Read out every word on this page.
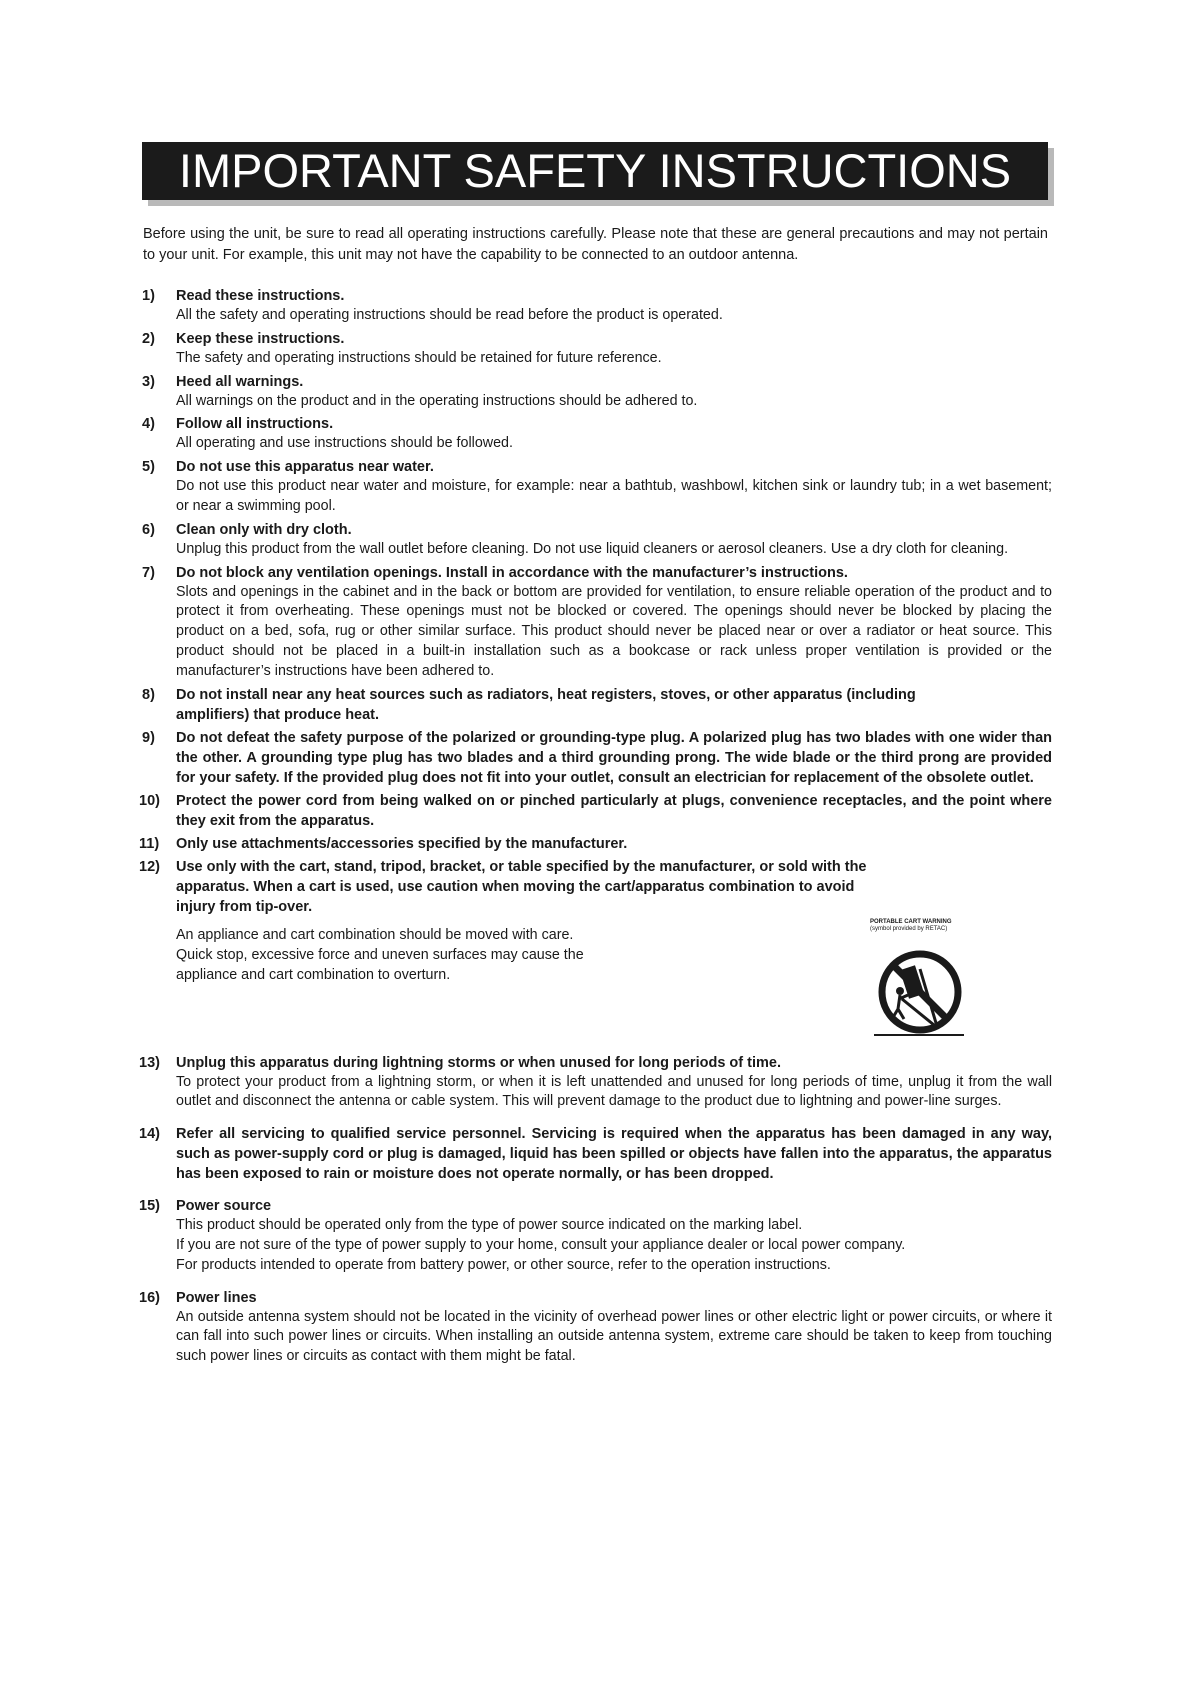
IMPORTANT SAFETY INSTRUCTIONS
Before using the unit, be sure to read all operating instructions carefully. Please note that these are general precautions and may not pertain to your unit. For example, this unit may not have the capability to be connected to an outdoor antenna.
1)	Read these instructions.
All the safety and operating instructions should be read before the product is operated.
2)	Keep these instructions.
The safety and operating instructions should be retained for future reference.
3)	Heed all warnings.
All warnings on the product and in the operating instructions should be adhered to.
4)	Follow all instructions.
All operating and use instructions should be followed.
5)	Do not use this apparatus near water.
Do not use this product near water and moisture, for example: near a bathtub, washbowl, kitchen sink or laundry tub; in a wet basement; or near a swimming pool.
6)	Clean only with dry cloth.
Unplug this product from the wall outlet before cleaning. Do not use liquid cleaners or aerosol cleaners. Use a dry cloth for cleaning.
7)	Do not block any ventilation openings. Install in accordance with the manufacturer’s instructions.
Slots and openings in the cabinet and in the back or bottom are provided for ventilation, to ensure reliable operation of the product and to protect it from overheating. These openings must not be blocked or covered. The openings should never be blocked by placing the product on a bed, sofa, rug or other similar surface. This product should never be placed near or over a radiator or heat source. This product should not be placed in a built-in installation such as a bookcase or rack unless proper ventilation is provided or the manufacturer’s instructions have been adhered to.
8)	Do not install near any heat sources such as radiators, heat registers, stoves, or other apparatus (including amplifiers) that produce heat.
9)	Do not defeat the safety purpose of the polarized or grounding-type plug. A polarized plug has two blades with one wider than the other. A grounding type plug has two blades and a third grounding prong. The wide blade or the third prong are provided for your safety. If the provided plug does not fit into your outlet, consult an electrician for replacement of the obsolete outlet.
10)	Protect the power cord from being walked on or pinched particularly at plugs, convenience receptacles, and the point where they exit from the apparatus.
11)	Only use attachments/accessories specified by the manufacturer.
12)	Use only with the cart, stand, tripod, bracket, or table specified by the manufacturer, or sold with the apparatus. When a cart is used, use caution when moving the cart/apparatus combination to avoid injury from tip-over.
An appliance and cart combination should be moved with care.
Quick stop, excessive force and uneven surfaces may cause the
appliance and cart combination to overturn.
PORTABLE CART WARNING
(symbol provided by RETAC)
13)	Unplug this apparatus during lightning storms or when unused for long periods of time.
To protect your product from a lightning storm, or when it is left unattended and unused for long periods of time, unplug it from the wall outlet and disconnect the antenna or cable system. This will prevent damage to the product due to lightning and power-line surges.
14)	Refer all servicing to qualified service personnel. Servicing is required when the apparatus has been damaged in any way, such as power-supply cord or plug is damaged, liquid has been spilled or objects have fallen into the apparatus, the apparatus has been exposed to rain or moisture does not operate normally, or has been dropped.
15)	Power source
This product should be operated only from the type of power source indicated on the marking label.
If you are not sure of the type of power supply to your home, consult your appliance dealer or local power company.
For products intended to operate from battery power, or other source, refer to the operation instructions.
16)	Power lines
An outside antenna system should not be located in the vicinity of overhead power lines or other electric light or power circuits, or where it can fall into such power lines or circuits. When installing an outside antenna system, extreme care should be taken to keep from touching such power lines or circuits as contact with them might be fatal.
